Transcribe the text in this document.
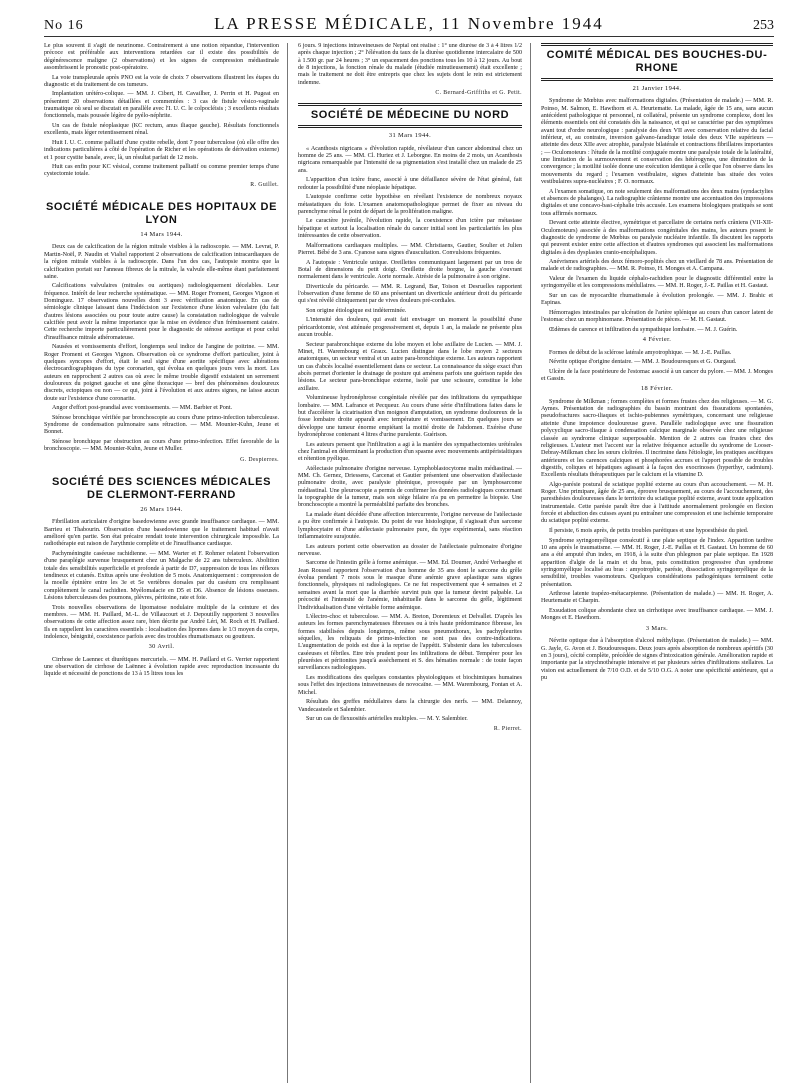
No 16	LA PRESSE MÉDICALE, 11 Novembre 1944	253

Le plus souvent il s'agit de neurinome. Contrairement à une notion répandue, l'intervention précoce est préférable aux interventions retardées car il existe des possibilités de dégénérescence maligne (2 observations) et les signes de compression médiastinale assombrissent le pronostic post-opératoire.

La voie transpleurale après PNO est la voie de choix 7 observations illustrent les étapes du diagnostic et du traitement de ces tumeurs.

Implantation urétéro-colique. — MM. J. Cibert, H. Cavailher, J. Perrin et H. Pugeat en présentent 20 observations détaillées et commentées : 3 cas de fistule vésico-vaginale traumatique où seul se discutait en parallèle avec l'I. U. C. le colpocléisis ; 3 excellents résultats fonctionnels, mais poussée légère de pyélo-néphrite.

Un cas de fistule néoplasique (KC rectum, anus iliaque gauche). Résultats fonctionnels excellents, mais léger retentissement rénal.

Huit I. U. C. comme palliatif d'une cystite rebelle, dont 7 pour tuberculose (où elle offre des indications particulières à côté de l'opération de Richer et les opérations de dérivation externe) et 1 pour cystite banale, avec, là, un résultat parfait de 12 mois.

Huit cas enfin pour KC vésical, comme traitement palliatif ou comme premier temps d'une cystectomie totale.

R. Guillet.

SOCIÉTÉ MÉDICALE DES HOPITAUX DE LYON
14 Mars 1944.

Deux cas de calcification de la région mitrale visibles à la radioscopie. — MM. Levrat, P. Martin-Noël, P. Naudin et Vialtel rapportent 2 observations de calcification intracardiaques de la région mitrale visibles à la radioscopie. Dans l'un des cas, l'autopsie montra que la calcification portait sur l'anneau fibreux de la mitrale, la valvule elle-même étant parfaitement saine.

Calcifications valvulaires (mitrales ou aortiques) radiologiquement décelables. Leur fréquence. Intérêt de leur recherche systématique. — MM. Roger Froment, Georges Vignon et Dominguez. 17 observations nouvelles dont 3 avec vérification anatomique. En cas de sémiologie clinique laissant dans l'indécision sur l'existence d'une lésion valvulaire (du fait d'autres lésions associées ou pour toute autre cause) la constatation radiologique de valvule calcifiée peut avoir la même importance que la mise en évidence d'un frémissement cataire. Cette recherche importe particulièrement pour le diagnostic de sténose aortique et pour celui d'insuffisance mitrale athéromateuse.

Nausées et vomissements d'effort, longtemps seul indice de l'angine de poitrine. — MM. Roger Froment et Georges Vignon. Observation où ce syndrome d'effort particulier, joint à quelques syncopes d'effort, était le seul signe d'une aortite spécifique avec altérations électrocardiographiques du type coronarien, qui évolua en quelques jours vers la mort. Les auteurs en rapprochent 2 autres cas où avec le même trouble digestif existaient un serrement douloureux du poignet gauche et une gêne thoracique — bref des phénomènes douloureux discrets, ectopiques ou non — ce qui, joint à l'évolution et aux autres signes, ne laisse aucun doute sur l'existence d'une coronarite.

Angor d'effort post-prandial avec vomissements. — MM. Barbier et Pont.

Sténose bronchique vérifiée par bronchoscopie au cours d'une primo-infection tuberculeuse. Syndrome de condensation pulmonaire sans rétraction. — MM. Mounier-Kuhn, Jeune et Bonnet.

Sténose bronchique par obstruction au cours d'une primo-infection. Effet favorable de la bronchoscopie. — MM. Mounier-Kuhn, Jeune et Muller.

G. Despierres.

SOCIÉTÉ DES SCIENCES MÉDICALES DE CLERMONT-FERRAND
26 Mars 1944.

Fibrillation auriculaire d'origine basedowienne avec grande insuffisance cardiaque. — MM. Barrieu et Thabourin. Observation d'une basedowienne que le traitement habituel n'avait amélioré qu'en partie. Son état précaire rendait toute intervention chirurgicale impossible. La radiothérapie eut raison de l'arythmie complète et de l'insuffisance cardiaque.

Pachyméningite caséeuse rachidienne. — MM. Warter et F. Rohmer relatent l'observation d'une paraplégie survenue brusquement chez un Malgache de 22 ans tuberculeux. Abolition totale des sensibilités superficielle et profonde à partir de D7, suppression de tous les réflexes tendineux et cutanés. Exitus après une évolution de 5 mois. Anatomiquement : compression de la moelle épinière entre les 3e et 5e vertèbres dorsales par du caséum cru remplissant complètement le canal rachidien. Myélomalacie en D5 et D6. Absence de lésions osseuses. Lésions tuberculeuses des poumons, plèvres, péritoine, rate et foie.

Trois nouvelles observations de lipomatose nodulaire multiple de la ceinture et des membres. — MM. H. Paillard, M.-L. de Villaucourt et J. Depoutilly rapportent 3 nouvelles observations de cette affection assez rare, bien décrite par André Léri, M. Roch et H. Paillard. Ils en rappellent les caractères essentiels : localisation des lipomes dans le 1/3 moyen du corps, indolence, bénignité, coexistence parfois avec des troubles rhumatismaux ou goutteux.

30 Avril.

Cirrhose de Laennec et diurétiques mercuriels. — MM. H. Paillard et G. Verrier rapportent une observation de cirrhose de Laënnec à évolution rapide avec reproduction incessante du liquide et nécessité de ponctions de 13 à 15 litres tous les

6 jours. 9 injections intraveineuses de Neptal ont réalisé : 1° une diurèse de 3 à 4 litres 1/2 après chaque injection ; 2° l'élévation du taux de la diurèse quotidienne intercalaire de 500 à 1.500 gr. par 24 heures ; 3° un espacement des ponctions tous les 10 à 12 jours. Au bout de 8 injections, la fonction rénale du malade (étudiée minutieusement) était excellente ; mais le traitement ne doit être entrepris que chez les sujets dont le rein est strictement indemne.

C. Bernard-Griffiths et G. Petit.

SOCIÉTÉ DE MÉDECINE DU NORD
31 Mars 1944.

« Acanthosis nigricans » d'évolution rapide, révélateur d'un cancer abdominal chez un homme de 25 ans. — MM. Cl. Huriez et J. Leborgne. En moins de 2 mois, un Acanthosis nigricans remarquable par l'intensité de sa pigmentation s'est installé chez un malade de 25 ans.

L'apparition d'un ictère franc, associé à une défaillance sévère de l'état général, fait redouter la possibilité d'une néoplasie hépatique.

L'autopsie confirme cette hypothèse en révélant l'existence de nombreux noyaux métastatiques du foie. L'examen anatomopathologique permet de fixer au niveau du parenchyme rénal le point de départ de la prolifération maligne.

Le caractère juvénile, l'évolution rapide, la coexistence d'un ictère par métastase hépatique et surtout la localisation rénale du cancer initial sont les particularités les plus intéressantes de cette observation.

Malformations cardiaques multiples. — MM. Christiaens, Gautier, Soulier et Julien Pierret. Bébé de 3 ans. Cyanose sans signes d'auscultation. Convulsions fréquentes.

A l'autopsie : Ventricule unique. Oreillettes communiquant largement par un trou de Botal de dimensions du petit doigt. Oreillette droite borgne, la gauche s'ouvrant normalement dans le ventricule. Aorte normale. Atrésie de la pulmonaire à son origine.

Diverticule du péricarde. — MM. R. Legrand, Bar, Toison et Desruelles rapportent l'observation d'une femme de 60 ans présentant un diverticule antérieur droit du péricarde qui s'est révélé cliniquement par de vives douleurs pré-cordiales.

Son origine étiologique est indéterminée.

L'intensité des douleurs, qui avait fait envisager un moment la possibilité d'une péricardotomie, s'est atténuée progressivement et, depuis 1 an, la malade ne présente plus aucun trouble.

Secteur parabronchique externe du lobe moyen et lobe axillaire de Lucien. — MM. J. Minet, H. Warembourg et Graux. Lucien distingue dans le lobe moyen 2 secteurs anatomiques, un secteur ventral et un autre para-bronchique externe. Les auteurs rapportent un cas d'abcès localisé essentiellement dans ce secteur. La connaissance du siège exact d'un abcès permet d'orienter le drainage de posture qui amènera parfois une guérison rapide des lésions. Le secteur para-bronchique externe, isolé par une scissure, constitue le lobe axillaire.

Volumineuse hydronéphrose congénitale révélée par des infiltrations du sympathique lombaire. — MM. Lafrance et Pecqueur. Au cours d'une série d'infiltrations faites dans le but d'accélérer la cicatrisation d'un moignon d'amputation, un syndrome douloureux de la fosse lombaire droite apparaît avec température et vomissement. En quelques jours se développe une tumeur énorme empiétant la moitié droite de l'abdomen. Exérèse d'une hydronéphrose contenant 4 litres d'urine purulente. Guérison.

Les auteurs pensent que l'infiltration a agi à la manière des sympathectomies urétérales chez l'animal en déterminant la production d'un spasme avec mouvements antipéristaltiques et rétention pyélique.

Atélectasie pulmonaire d'origine nerveuse. Lymphoblastocytome malin médiastinal. — MM. Ch. Gernez, Driessens, Carcenat et Gautier présentent une observation d'atélectasie pulmonaire droite, avec paralysie phrénique, provoquée par un lymphosarcome médiastinal. Une pleuroscopie a permis de confirmer les données radiologiques concernant la topographie de la tumeur, mais son siège hilaire n'a pu en permettre la biopsie. Une bronchoscopie a montré la perméabilité parfaite des bronches.

La malade étant décédée d'une affection intercurrente, l'origine nerveuse de l'atélectasie a pu être confirmée à l'autopsie. Du point de vue histologique, il s'agissait d'un sarcome lymphocytaire et d'une atélectasie pulmonaire pure, du type expérimental, sans réaction inflammatoire surajoutée.

Les auteurs portent cette observation au dossier de l'atélectasie pulmonaire d'origine nerveuse.

Sarcome de l'intestin grêle à forme anémique. — MM. Ed. Doumer, André Verhaeghe et Jean Roussel rapportent l'observation d'un homme de 35 ans dont le sarcome du grêle évolua pendant 7 mois sous le masque d'une anémie grave aplastique sans signes fonctionnels, physiques ni radiologiques. Ce ne fut respectivement que 4 semaines et 2 semaines avant la mort que la diarrhée survint puis que la tumeur devint palpable. La précocité et l'intensité de l'anémie, inhabituelle dans le sarcome du grêle, légitiment l'individualisation d'une véritable forme anémique.

L'électro-choc et tuberculose. — MM. A. Breton, Doremieux et Delvallet. D'après les auteurs les formes parenchymateuses fibreuses ou à très haute prédominance fibreuse, les formes stabilisées depuis longtemps, même sous pneumothorax, les pachypleurites séquelles, les reliquats de primo-infection ne sont pas des contre-indications. L'augmentation de poids est due à la reprise de l'appétit. S'abstenir dans les tuberculoses caséeuses et fébriles. Etre très prudent pour les infiltrations de début. Tempérer pour les pleurésies et péritonites jusqu'à assèchement et S. des hématies normale : de toute façon surveillances radiologiques.

Les modifications des quelques constantes physiologiques et biochimiques humaines sous l'effet des injections intraveineuses de novocaïne. — MM. Warembourg, Fontan et A. Michel.

Résultats des greffes médullaires dans la chirurgie des nerfs. — MM. Delannoy, Vandecasteele et Salembier.

Sur un cas de flexuosités artérielles multiples. — M. Y. Salembier.

R. Pierret.

COMITÉ MÉDICAL DES BOUCHES-DU-RHONE
21 Janvier 1944.

Syndrome de Mœbius avec malformations digitales. (Présentation de malade.) — MM. R. Poinso, M. Salmon, E. Hawthorn et A. Heurtematte. La malade, âgée de 15 ans, sans aucun antécédent pathologique ni personnel, ni collatéral, présente un syndrome complexe, dont les éléments essentiels ont été constatés dès la naissance, et qui se caractérise par des symptômes avant tout d'ordre neurologique : paralysie des deux VII avec conservation relative du facial inférieur, et, au contraire, inversion galvano-faradique totale des deux VIIe supérieurs — atteinte des deux XIIe avec atrophie, paralysie bilatérale et contractions fibrillaires importantes ; — Oculomoteurs : l'étude de la motilité conjuguée montre une paralysie totale de la latéralité, une limitation de la surmouvement et conservation des hétérogynes, une diminution de la convergence ; la motilité isolée donne une exécution identique à celle que l'on observe dans les mouvements du regard ; l'examen vestibulaire, signes d'atteinte bas située des voies vestibulaires supra-nucléaires ; F. O. normaux.

A l'examen somatique, on note seulement des malformations des deux mains (syndactylies et absences de phalanges). La radiographie crânienne montre une accentuation des impressions digitales et une concavo-basi-céphalie très accusée. Les examens biologiques pratiqués se sont tous affirmés normaux.

Devant cette atteinte élective, symétrique et parcellaire de certains nerfs crâniens (VII-XII-Oculomoteurs) associée à des malformations congénitales des mains, les auteurs posent le diagnostic de syndrome de Mœbius ou paralysie nucléaire infantile. Ils discutent les rapports qui peuvent exister entre cette affection et d'autres syndromes qui associent les malformations digitales à des dysplasies cranio-encéphaliques.

Anévrismes artériels des deux fémoro-poplités chez un vieillard de 78 ans. Présentation de malade et de radiographies. — MM. R. Poinso, H. Monges et A. Campana.

Valeur de l'examen du liquide céphalo-rachidien pour le diagnostic différentiel entre la syringomyélie et les compressions médullaires. — MM. H. Roger, J.-E. Paillas et H. Gastaut.

Sur un cas de myocardite rhumatismale à évolution prolongée. — MM. J. Brahic et Espinas.

Hémorragies intestinales par ulcération de l'artère splénique au cours d'un cancer latent de l'estomac chez un morphinomane. Présentation de pièces. — M. H. Gastaut.

Œdèmes de carence et infiltration du sympathique lombaire. — M. J. Guérin.

4 Février.

Formes de début de la sclérose latérale amyotrophique. — M. J.-E. Paillas.

Névrite optique d'origine dentaire. — MM. J. Boudouresques et G. Ourgaud.

Ulcère de la face postérieure de l'estomac associé à un cancer du pylore. — MM. J. Monges et Gassin.

18 Février.

Syndrome de Milkman ; formes complètes et formes frustes chez des religieuses. — M. G. Aymes. Présentation de radiographies du bassin montrant des fissurations spontanées, pseudofractures sacro-iliaques et ischio-pubiennes symétriques, concernant une religieuse atteinte d'une impotence douloureuse grave. Parallèle radiologique avec une fissuration polycyclique sacro-iliaque à condensation calcique marginale observée chez une religieuse classée au syndrome clinique superposable. Mention de 2 autres cas frustes chez des religieuses. L'auteur met l'accent sur la relative fréquence actuelle du syndrome de Looser-Debray-Milkman chez les sœurs cloîtrées. Il incrimine dans l'étiologie, les pratiques ascétiques antérieures et les carences calciques et phosphorées accrues et l'apport possible de troubles digestifs, coliques et hépatiques agissant à la façon des exocrinoses (hyperthyr, cadmium). Excellents résultats thérapeutiques par le calcium et la vitamine D.

Algo-parésie postural de sciatique poplité externe au cours d'un accouchement. — M. H. Roger. Une primipare, âgée de 25 ans, éprouve brusquement, au cours de l'accouchement, des paresthésies douloureuses dans le territoire du sciatique poplité externe, avant toute application instrumentale. Cette parésie paraît être due à l'attitude anormalement prolongée en flexion forcée et abduction des cuisses ayant pu entraîner une compression et une ischémie temporaire du sciatique poplité externe.

Il persiste, 6 mois après, de petits troubles parétiques et une hypoesthésie du pied.

Syndrome syringomyélique consécutif à une plaie septique de l'index. Apparition tardive 10 ans après le traumatisme. — MM. H. Roger, J.-E. Paillas et H. Gastaut. Un homme de 60 ans a été amputé d'un index, en 1918, à la suite d'un phlegmon par plaie septique. En 1928 apparition d'algie de la main et du bras, puis constitution progressive d'un syndrome syringomyélique localisé au bras : amyotrophie, parésie, dissociation syringomyélique de la sensibilité, troubles vasomoteurs. Quelques considérations pathogéniques terminent cette présentation.

Arthrose latente trapézo-métacarpienne. (Présentation de malade.) — MM. H. Roger, A. Heurtematte et Charpin.

Exsudation colique abondante chez un cirrhotique avec insuffisance cardiaque. — MM. J. Monges et E. Hawthorn.

3 Mars.

Névrite optique due à l'absorption d'alcool méthylique. (Présentation de malade.) — MM. G. Jayle, G. Avon et J. Boudouresques. Deux jours après absorption de nombreux apéritifs (30 en 3 jours), cécité complète, précédée de signes d'intoxication générale. Amélioration rapide et importante par la strychnothérapie intensive et par plusieurs séries d'infiltrations stellaires. La vision est actuellement de 7/10 O.D. et de 5/10 O.G. A noter une spécificité antérieure, qui a pu
